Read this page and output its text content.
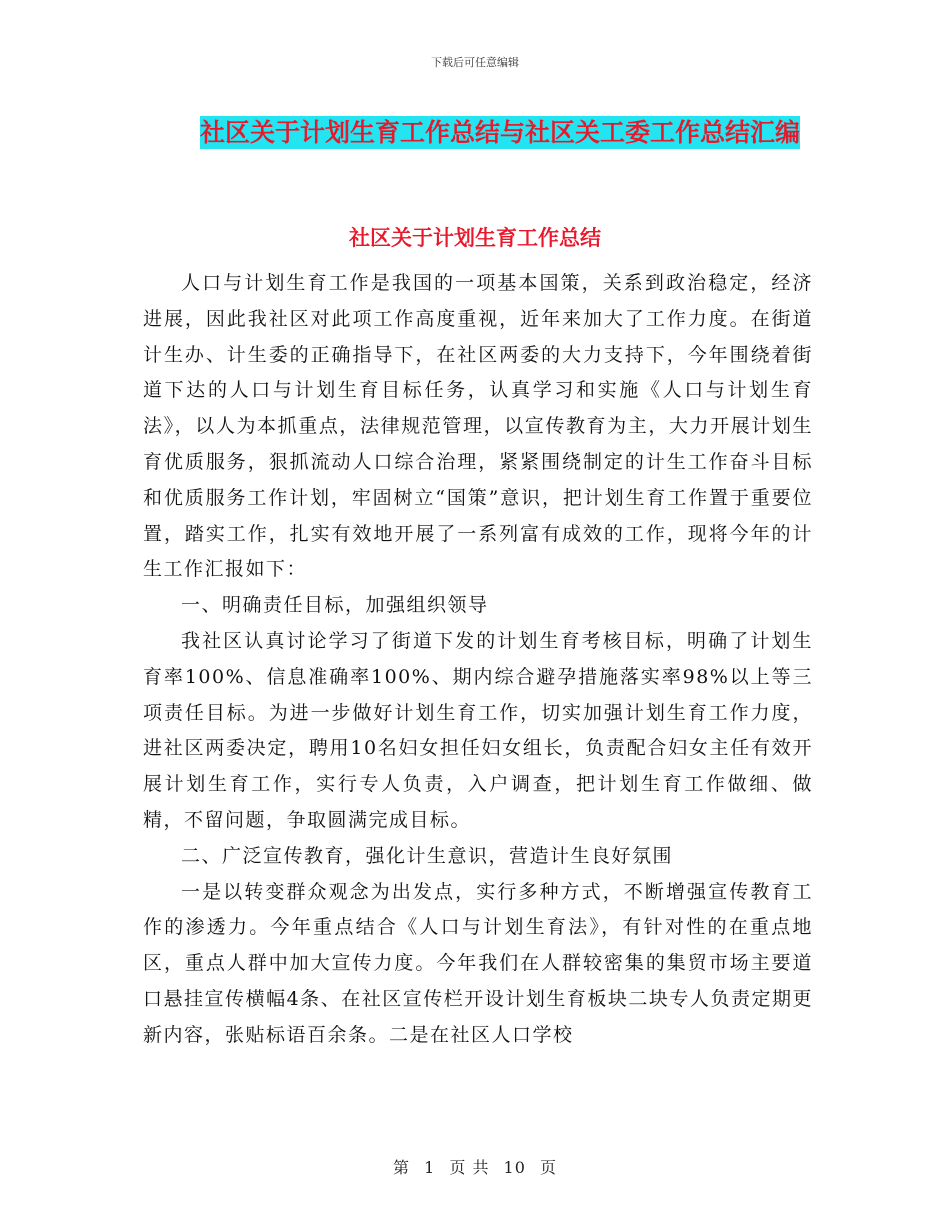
下载后可任意编辑
社区关于计划生育工作总结与社区关工委工作总结汇编
社区关于计划生育工作总结

人口与计划生育工作是我国的一项基本国策，关系到政治稳定，经济进展，因此我社区对此项工作高度重视，近年来加大了工作力度。在街道计生办、计生委的正确指导下，在社区两委的大力支持下，今年围绕着街道下达的人口与计划生育目标任务，认真学习和实施《人口与计划生育法》，以人为本抓重点，法律规范管理，以宣传教育为主，大力开展计划生育优质服务，狠抓流动人口综合治理，紧紧围绕制定的计生工作奋斗目标和优质服务工作计划，牢固树立“国策”意识，把计划生育工作置于重要位置，踏实工作，扎实有效地开展了一系列富有成效的工作，现将今年的计生工作汇报如下：

一、明确责任目标，加强组织领导

我社区认真讨论学习了街道下发的计划生育考核目标，明确了计划生育率100%、信息准确率100%、期内综合避孕措施落实率98%以上等三项责任目标。为进一步做好计划生育工作，切实加强计划生育工作力度，进社区两委决定，聘用10名妇女担任妇女组长，负责配合妇女主任有效开展计划生育工作，实行专人负责，入户调查，把计划生育工作做细、做精，不留问题，争取圆满完成目标。

二、广泛宣传教育，强化计生意识，营造计生良好氛围

一是以转变群众观念为出发点，实行多种方式，不断增强宣传教育工作的渗透力。今年重点结合《人口与计划生育法》，有针对性的在重点地区，重点人群中加大宣传力度。今年我们在人群较密集的集贸市场主要道口悬挂宣传横幅4条、在社区宣传栏开设计划生育板块二块专人负责定期更新内容，张贴标语百余条。二是在社区人口学校

第 1 页 共 10 页
